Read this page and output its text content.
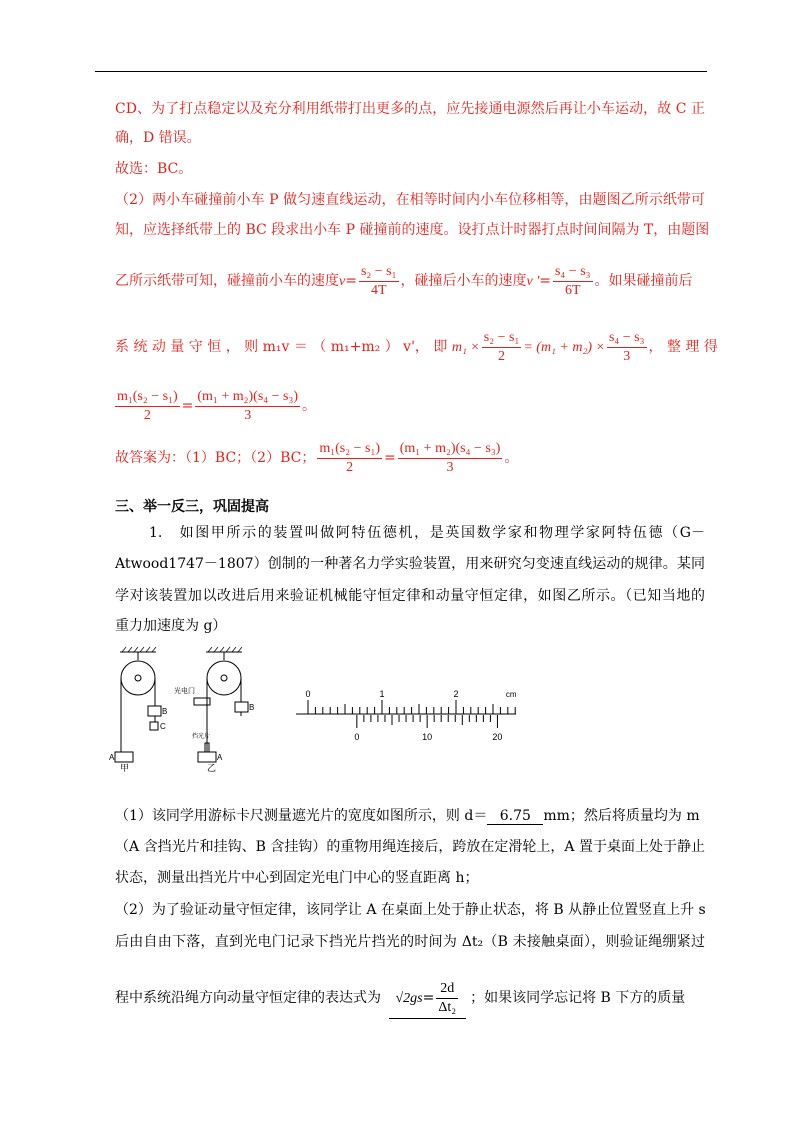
CD、为了打点稳定以及充分利用纸带打出更多的点，应先接通电源然后再让小车运动，故 C 正
确，D 错误。
故选：BC。
（2）两小车碰撞前小车 P 做匀速直线运动，在相等时间内小车位移相等，由题图乙所示纸带可
知，应选择纸带上的 BC 段求出小车 P 碰撞前的速度。设打点计时器打点时间间隔为 T，由题图
乙所示纸带可知，碰撞前小车的速度$v= \frac{\text{s₂ − s₁}}{4T}$ ，碰撞后小车的速度v '= $\frac{\text{s₄ − s₃}}{6T}$ 。如果碰撞前后
系 统 动 量 守 恒 ， 则 m₁v ＝ （ m₁+m₂ ） v'， 即 $m_1 \times \frac{\text{s₂ − s₁}}{2} = (m_1 + m_2) \times \frac{\text{s₄ − s₃}}{3}$ ， 整 理 得
$\frac{\text{m₁(s₂ − s₁)}}{2} = \frac{\text{(m₁ + m₂)(s₄ − s₃)}}{3}$ 。
故答案为：（1）BC；（2）BC； $\frac{\text{m₁(s₂ − s₁)}}{2} = \frac{\text{(m₁ + m₂)(s₄ − s₃)}}{3}$ 。
三、举一反三，巩固提高
1.　如图甲所示的装置叫做阿特伍德机，是英国数学家和物理学家阿特伍德（G－
Atwood1747－1807）创制的一种著名力学实验装置，用来研究匀变速直线运动的规律。某同
学对该装置加以改进后用来验证机械能守恒定律和动量守恒定律，如图乙所示。（已知当地的
重力加速度为 g）
甲	乙
A
B
C
A
B
光电门
挡光片
0	1	2	cm
0	10	20
（1）该同学用游标卡尺测量遮光片的宽度如图所示，则 d＝ 6.75 mm；然后将质量均为 m
（A 含挡光片和挂钩、B 含挂钩）的重物用绳连接后，跨放在定滑轮上，A 置于桌面上处于静止
状态，测量出挡光片中心到固定光电门中心的竖直距离 h；
（2）为了验证动量守恒定律，该同学让 A 在桌面上处于静止状态，将 B 从静止位置竖直上升 s
后由自由下落，直到光电门记录下挡光片挡光的时间为 Δt₂（B 未接触桌面），则验证绳绷紧过
程中系统沿绳方向动量守恒定律的表达式为 $√2gs= \frac{2d}{\text{Δt₂}}$ ；如果该同学忘记将 B 下方的质量
